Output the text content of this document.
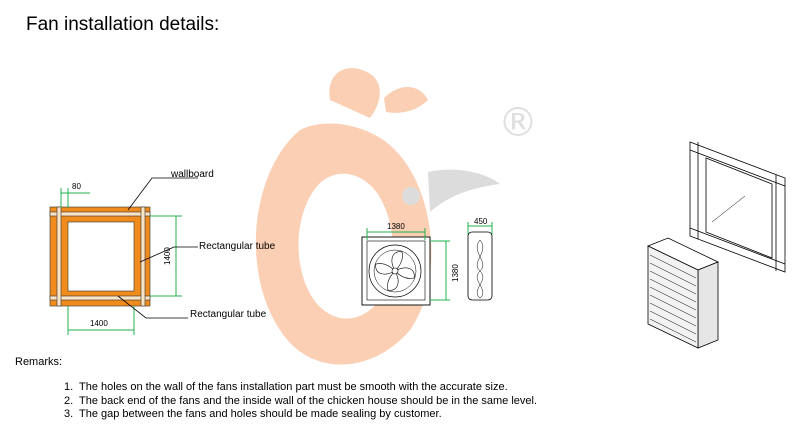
Fan installation details:
®
80
1400
1400
wallboard
Rectangular tube
Rectangular tube
1380
1380
450
Remarks:
1. The holes on the wall of the fans installation part must be smooth with the accurate size.
2. The back end of the fans and the inside wall of the chicken house should be in the same level.
3. The gap between the fans and holes should be made sealing by customer.
